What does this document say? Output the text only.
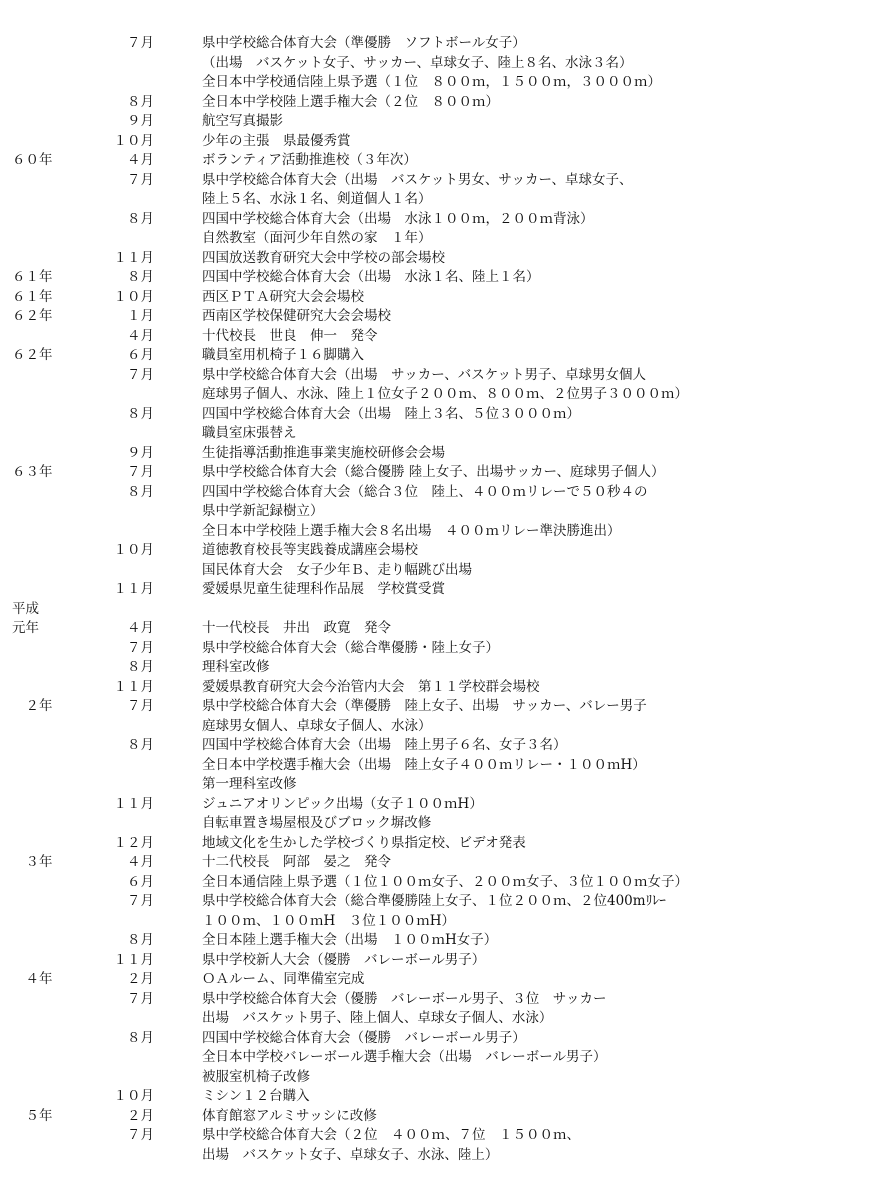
７月	県中学校総合体育大会（準優勝　ソフトボール女子）
（出場　バスケット女子、サッカー、卓球女子、陸上８名、水泳３名）
全日本中学校通信陸上県予選（１位　８００ｍ，１５００ｍ，３０００ｍ）
８月	全日本中学校陸上選手権大会（２位　８００ｍ）
９月	航空写真撮影
１０月	少年の主張　県最優秀賞
６０年	４月	ボランティア活動推進校（３年次）
７月	県中学校総合体育大会（出場　バスケット男女、サッカー、卓球女子、
陸上５名、水泳１名、剣道個人１名）
８月	四国中学校総合体育大会（出場　水泳１００ｍ，２００ｍ背泳）
自然教室（面河少年自然の家　１年）
１１月	四国放送教育研究大会中学校の部会場校
６１年	８月	四国中学校総合体育大会（出場　水泳１名、陸上１名）
６１年	１０月	西区ＰＴＡ研究大会会場校
６２年	１月	西南区学校保健研究大会会場校
４月	十代校長　世良　伸一　発令
６２年	６月	職員室用机椅子１６脚購入
７月	県中学校総合体育大会（出場　サッカー、バスケット男子、卓球男女個人
庭球男子個人、水泳、陸上１位女子２００ｍ、８００ｍ、２位男子３０００ｍ）
８月	四国中学校総合体育大会（出場　陸上３名、５位３０００ｍ）
職員室床張替え
９月	生徒指導活動推進事業実施校研修会会場
６３年	７月	県中学校総合体育大会（総合優勝 陸上女子、出場サッカー、庭球男子個人）
８月	四国中学校総合体育大会（総合３位　陸上、４００ｍリレーで５０秒４の
県中学新記録樹立）
全日本中学校陸上選手権大会８名出場　４００ｍリレー準決勝進出）
１０月	道徳教育校長等実践養成講座会場校
国民体育大会　女子少年Ｂ、走り幅跳び出場
１１月	愛媛県児童生徒理科作品展　学校賞受賞
平成
元年	４月	十一代校長　井出　政寛　発令
７月	県中学校総合体育大会（総合準優勝・陸上女子）
８月	理科室改修
１１月	愛媛県教育研究大会今治管内大会　第１１学校群会場校
　２年	７月	県中学校総合体育大会（準優勝　陸上女子、出場　サッカー、バレー男子
庭球男女個人、卓球女子個人、水泳）
８月	四国中学校総合体育大会（出場　陸上男子６名、女子３名）
全日本中学校選手権大会（出場　陸上女子４００ｍリレー・１００ｍH）
第一理科室改修
１１月	ジュニアオリンピック出場（女子１００ｍH）
自転車置き場屋根及びブロック塀改修
１２月	地域文化を生かした学校づくり県指定校、ビデオ発表
　３年	４月	十二代校長　阿部　晏之　発令
６月	全日本通信陸上県予選（１位１００ｍ女子、２００ｍ女子、３位１００ｍ女子）
７月	県中学校総合体育大会（総合準優勝陸上女子、１位２００ｍ、２位400mﾘﾚｰ
１００ｍ、１００ｍH　３位１００ｍH）
８月	全日本陸上選手権大会（出場　１００ｍH女子）
１１月	県中学校新人大会（優勝　バレーボール男子）
　４年	２月	ＯＡルーム、同準備室完成
７月	県中学校総合体育大会（優勝　バレーボール男子、３位　サッカー
出場　バスケット男子、陸上個人、卓球女子個人、水泳）
８月	四国中学校総合体育大会（優勝　バレーボール男子）
全日本中学校バレーボール選手権大会（出場　バレーボール男子）
被服室机椅子改修
１０月	ミシン１２台購入
　５年	２月	体育館窓アルミサッシに改修
７月	県中学校総合体育大会（２位　４００ｍ、７位　１５００ｍ、
出場　バスケット女子、卓球女子、水泳、陸上）
